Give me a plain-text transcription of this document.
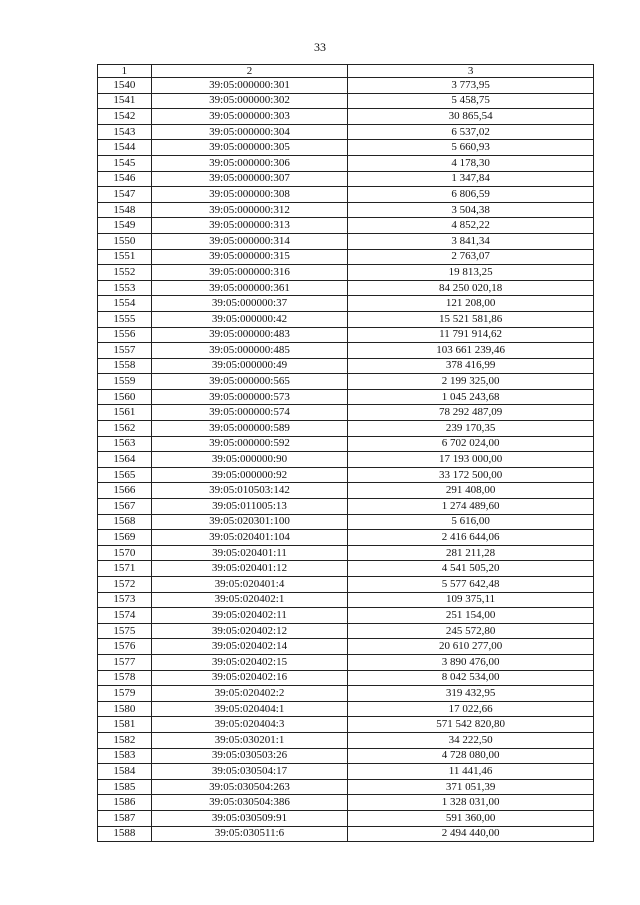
33
1	2	3
1540	39:05:000000:301	3 773,95
1541	39:05:000000:302	5 458,75
1542	39:05:000000:303	30 865,54
1543	39:05:000000:304	6 537,02
1544	39:05:000000:305	5 660,93
1545	39:05:000000:306	4 178,30
1546	39:05:000000:307	1 347,84
1547	39:05:000000:308	6 806,59
1548	39:05:000000:312	3 504,38
1549	39:05:000000:313	4 852,22
1550	39:05:000000:314	3 841,34
1551	39:05:000000:315	2 763,07
1552	39:05:000000:316	19 813,25
1553	39:05:000000:361	84 250 020,18
1554	39:05:000000:37	121 208,00
1555	39:05:000000:42	15 521 581,86
1556	39:05:000000:483	11 791 914,62
1557	39:05:000000:485	103 661 239,46
1558	39:05:000000:49	378 416,99
1559	39:05:000000:565	2 199 325,00
1560	39:05:000000:573	1 045 243,68
1561	39:05:000000:574	78 292 487,09
1562	39:05:000000:589	239 170,35
1563	39:05:000000:592	6 702 024,00
1564	39:05:000000:90	17 193 000,00
1565	39:05:000000:92	33 172 500,00
1566	39:05:010503:142	291 408,00
1567	39:05:011005:13	1 274 489,60
1568	39:05:020301:100	5 616,00
1569	39:05:020401:104	2 416 644,06
1570	39:05:020401:11	281 211,28
1571	39:05:020401:12	4 541 505,20
1572	39:05:020401:4	5 577 642,48
1573	39:05:020402:1	109 375,11
1574	39:05:020402:11	251 154,00
1575	39:05:020402:12	245 572,80
1576	39:05:020402:14	20 610 277,00
1577	39:05:020402:15	3 890 476,00
1578	39:05:020402:16	8 042 534,00
1579	39:05:020402:2	319 432,95
1580	39:05:020404:1	17 022,66
1581	39:05:020404:3	571 542 820,80
1582	39:05:030201:1	34 222,50
1583	39:05:030503:26	4 728 080,00
1584	39:05:030504:17	11 441,46
1585	39:05:030504:263	371 051,39
1586	39:05:030504:386	1 328 031,00
1587	39:05:030509:91	591 360,00
1588	39:05:030511:6	2 494 440,00
